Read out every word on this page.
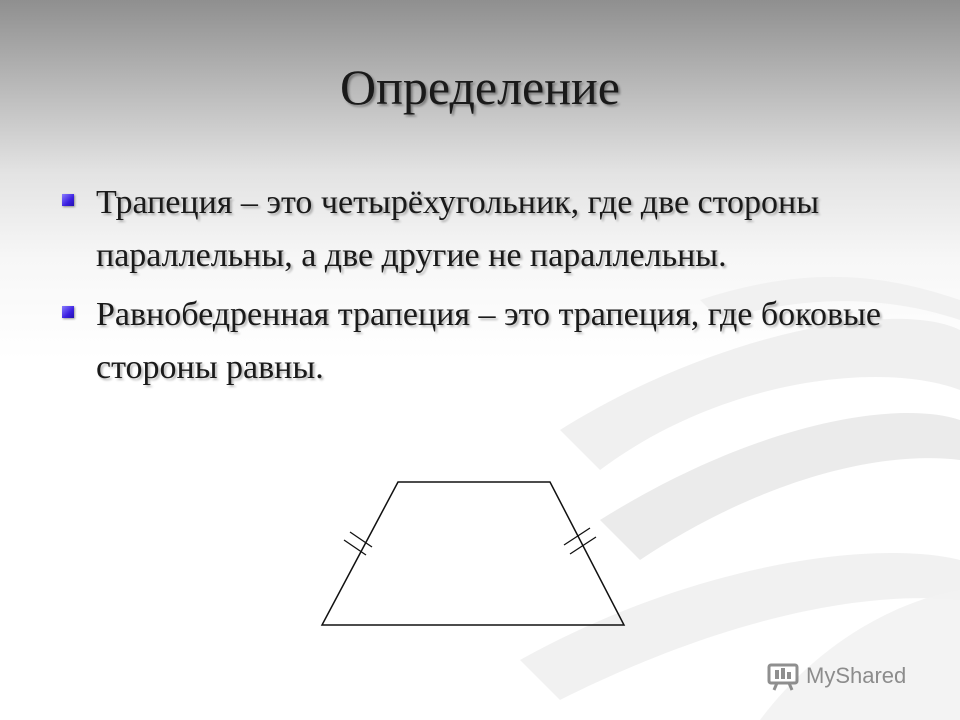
Определение
Трапеция – это четырёхугольник, где две стороны параллельны, а две другие не параллельны.
Равнобедренная трапеция – это трапеция, где боковые стороны равны.
MyShared
